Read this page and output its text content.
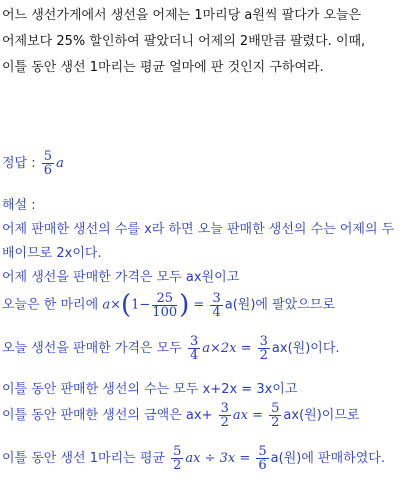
어느 생선가게에서 생선을 어제는 1마리당 a원씩 팔다가 오늘은
어제보다 25% 할인하여 팔았더니 어제의 2배만큼 팔렸다. 이때,
이틀 동안 생선 1마리는 평균 얼마에 판 것인지 구하여라.
정답 : $\frac{5}{6}$ a
해설 :
어제 판매한 생선의 수를 x라 하면 오늘 판매한 생선의 수는 어제의 두
배이므로 2x이다.
어제 생선을 판매한 가격은 모두 ax원이고
오늘은 한 마리에 $a\times(1- \frac{25}{100}$ ) = $\frac{3}{4} a$(원)에 팔았으므로
오늘 생선을 판매한 가격은 모두 $\frac{3}{4} a\times 2x = \frac{3}{2} ax$(원)이다.
이틀 동안 판매한 생선의 수는 모두 x+2x = 3x이고
이틀 동안 판매한 생선의 금액은 $ax+ \frac{3}{2}$ ax = $\frac{5}{2} ax$(원)이므로
이틀 동안 생선 1마리는 평균 $\frac{5}{2}$ ax ÷ $3x = \frac{5}{6} a$(원)에 판매하였다.
